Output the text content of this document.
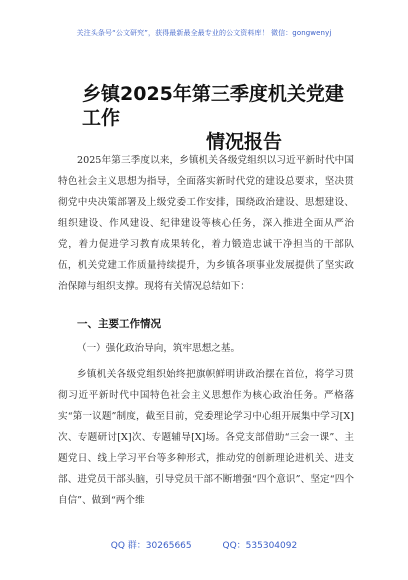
关注头条号“公文研究”，获得最新最全最专业的公文资料库！ 微信：gongwenyj
乡镇2025年第三季度机关党建工作
情况报告
2025年第三季度以来，乡镇机关各级党组织以习近平新时代中国特色社会主义思想为指导，全面落实新时代党的建设总要求，坚决贯彻党中央决策部署及上级党委工作安排，围绕政治建设、思想建设、组织建设、作风建设、纪律建设等核心任务，深入推进全面从严治党，着力促进学习教育成果转化，着力锻造忠诚干净担当的干部队伍，机关党建工作质量持续提升，为乡镇各项事业发展提供了坚实政治保障与组织支撑。现将有关情况总结如下：
一、主要工作情况
（一）强化政治导向，筑牢思想之基。
乡镇机关各级党组织始终把旗帜鲜明讲政治摆在首位，将学习贯彻习近平新时代中国特色社会主义思想作为核心政治任务。严格落实“第一议题”制度，截至目前，党委理论学习中心组开展集中学习[X]次、专题研讨[X]次、专题辅导[X]场。各党支部借助“三会一课”、主题党日、线上学习平台等多种形式，推动党的创新理论进机关、进支部、进党员干部头脑，引导党员干部不断增强“四个意识”、坚定“四个自信”、做到“两个维
QQ 群：30265665	QQ：535304092
